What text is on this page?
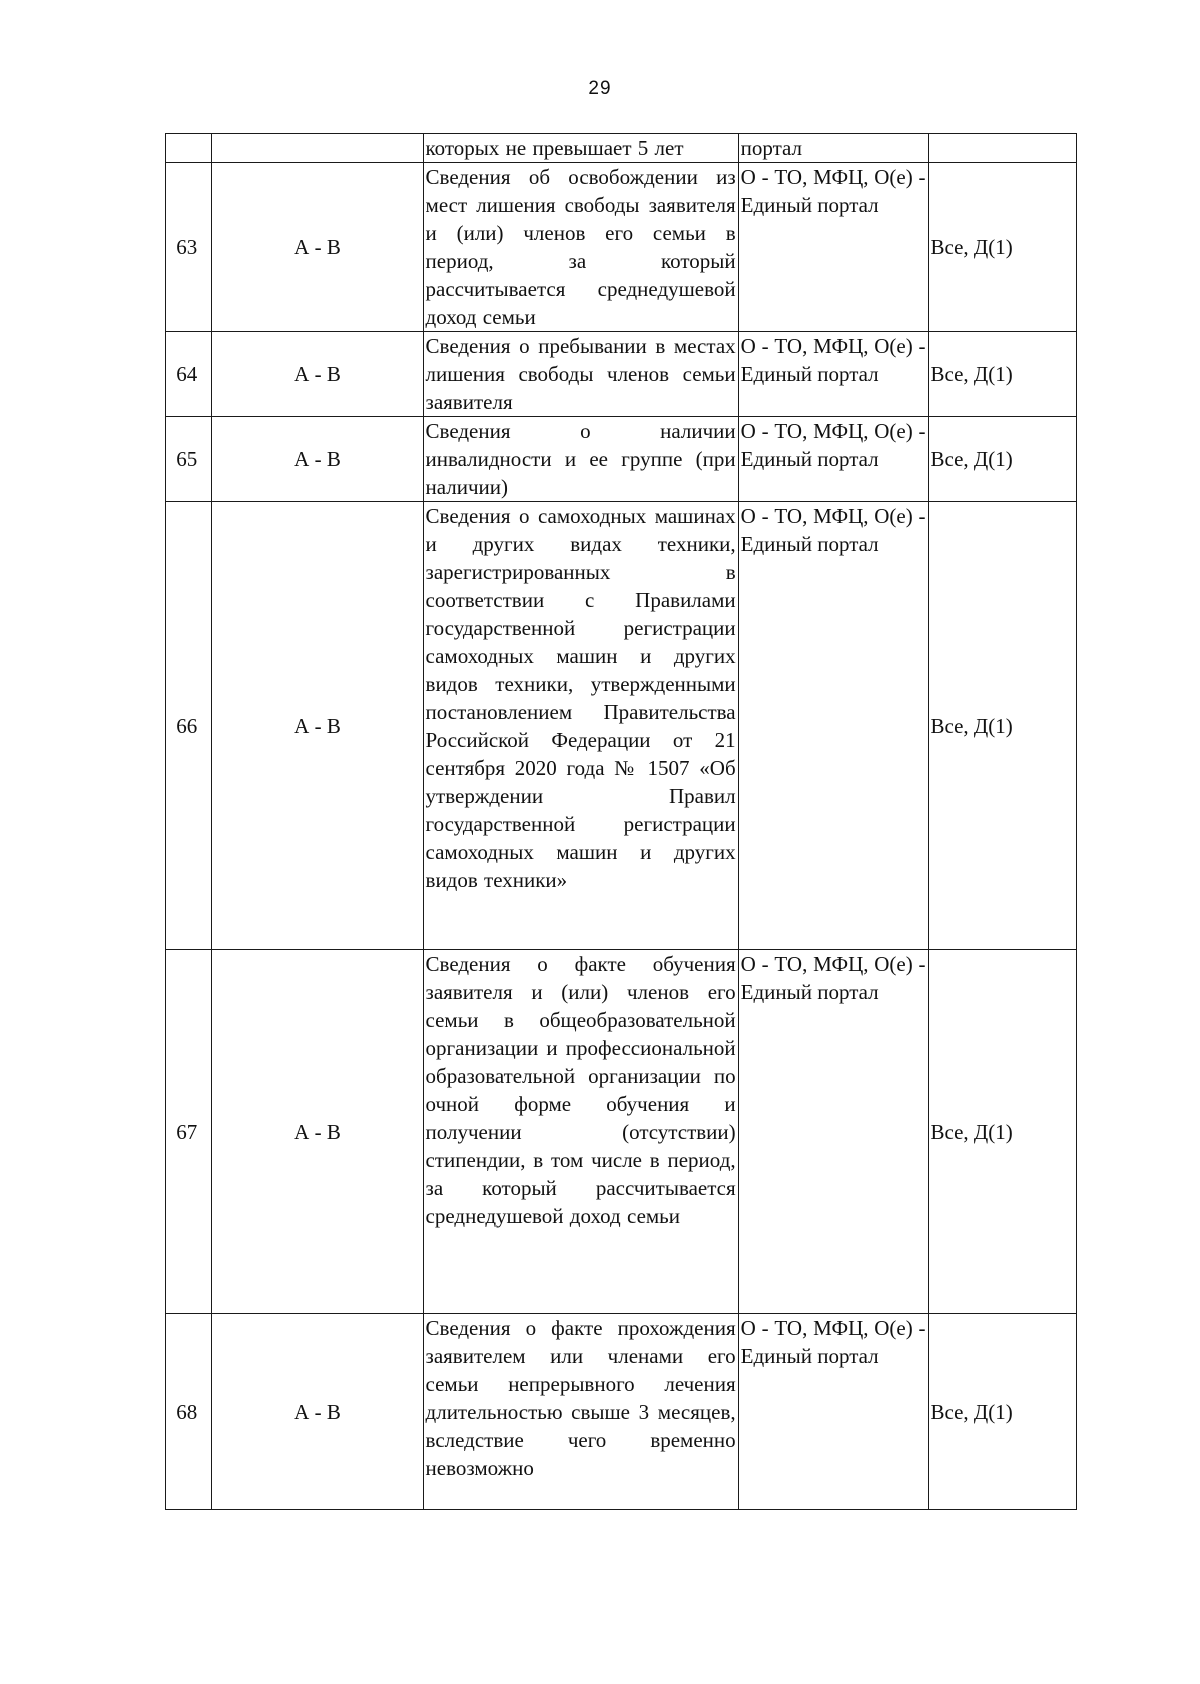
29
		которых не превышает 5 лет	портал	
63	А - В	Сведения об освобождении из мест лишения свободы заявителя и (или) членов его семьи в период, за который рассчитывается среднедушевой доход семьи	О - ТО, МФЦ, О(е) - Единый портал	Все, Д(1)
64	А - В	Сведения о пребывании в местах лишения свободы членов семьи заявителя	О - ТО, МФЦ, О(е) - Единый портал	Все, Д(1)
65	А - В	Сведения о наличии инвалидности и ее группе (при наличии)	О - ТО, МФЦ, О(е) - Единый портал	Все, Д(1)
66	А - В	Сведения о самоходных машинах и других видах техники, зарегистрированных в соответствии с Правилами государственной регистрации самоходных машин и других видов техники, утвержденными постановлением Правительства Российской Федерации от 21 сентября 2020 года № 1507 «Об утверждении Правил государственной регистрации самоходных машин и других видов техники»	О - ТО, МФЦ, О(е) - Единый портал	Все, Д(1)
67	А - В	Сведения о факте обучения заявителя и (или) членов его семьи в общеобразовательной организации и профессиональной образовательной организации по очной форме обучения и получении (отсутствии) стипендии, в том числе в период, за который рассчитывается среднедушевой доход семьи	О - ТО, МФЦ, О(е) - Единый портал	Все, Д(1)
68	А - В	Сведения о факте прохождения заявителем или членами его семьи непрерывного лечения длительностью свыше 3 месяцев, вследствие чего временно невозможно	О - ТО, МФЦ, О(е) - Единый портал	Все, Д(1)
